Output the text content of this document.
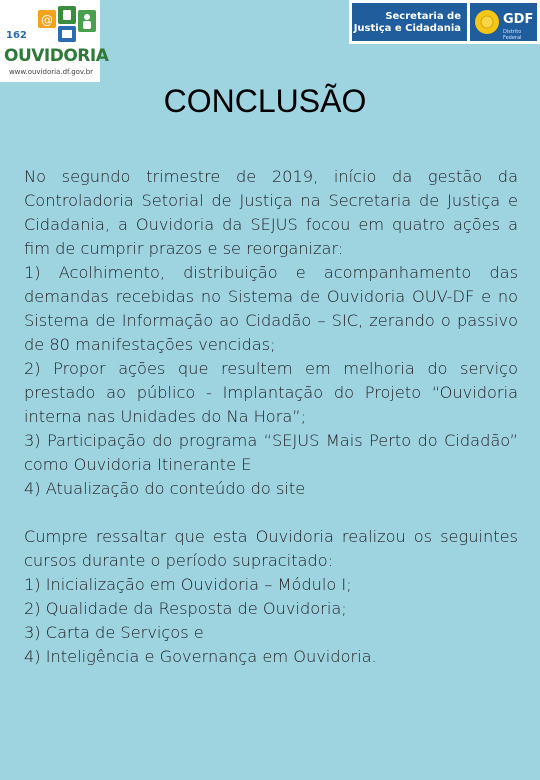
@
162
OUVIDORIA
www.ouvidoria.df.gov.br
Secretaria de
Justiça e Cidadania
GDF
Distrito Federal
CONCLUSÃO

No segundo trimestre de 2019, início da gestão da Controladoria Setorial de Justiça na Secretaria de Justiça e Cidadania, a Ouvidoria da SEJUS focou em quatro ações a fim de cumprir prazos e se reorganizar:

1) Acolhimento, distribuição e acompanhamento das demandas recebidas no Sistema de Ouvidoria OUV-DF e no Sistema de Informação ao Cidadão – SIC, zerando o passivo de 80 manifestações vencidas;

2) Propor ações que resultem em melhoria do serviço prestado ao público - Implantação do Projeto “Ouvidoria interna nas Unidades do Na Hora”;

3) Participação do programa “SEJUS Mais Perto do Cidadão” como Ouvidoria Itinerante E

4) Atualização do conteúdo do site

Cumpre ressaltar que esta Ouvidoria realizou os seguintes cursos durante o período supracitado:

1) Inicialização em Ouvidoria – Módulo I;

2) Qualidade da Resposta de Ouvidoria;

3) Carta de Serviços e

4) Inteligência e Governança em Ouvidoria.
